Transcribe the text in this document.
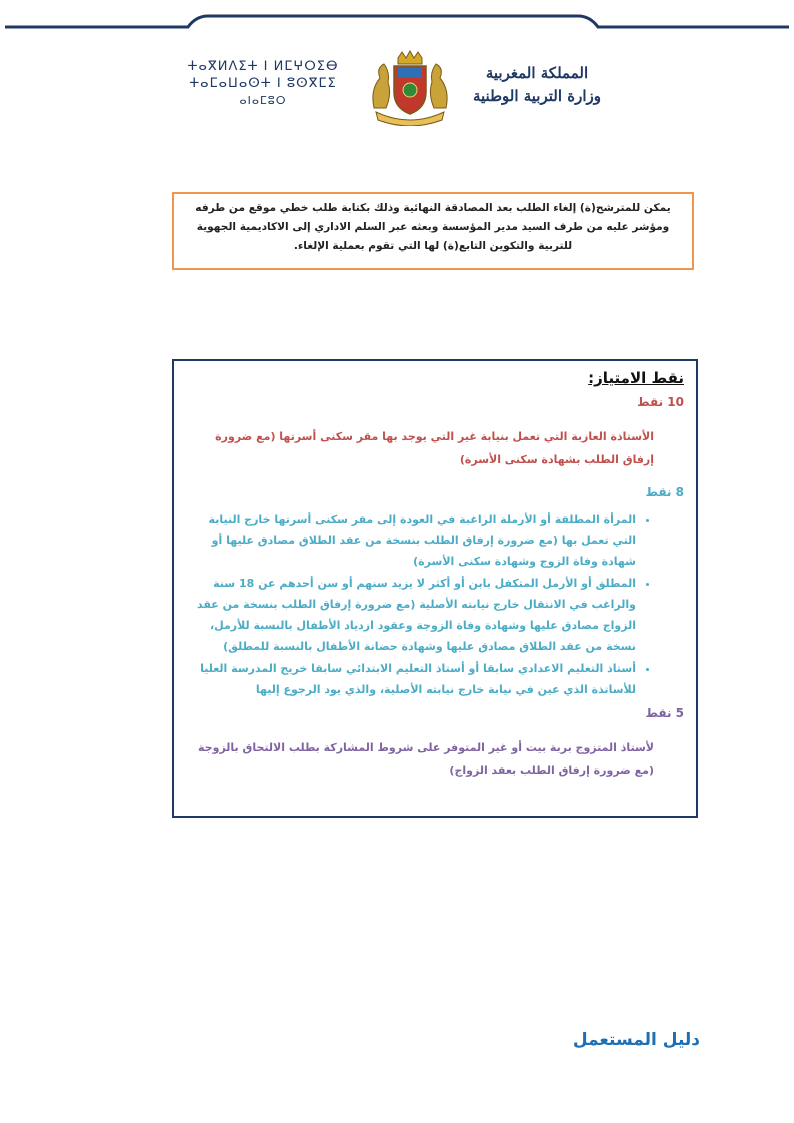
ⵜⴰⴳⵍⴷⵉⵜ ⵏ ⵍⵎⵖⵔⵉⴱ
ⵜⴰⵎⴰⵡⴰⵙⵜ ⵏ ⵓⵙⴳⵎⵉ
ⴰⵏⴰⵎⵓⵔ
المملكة المغربية
وزارة التربية الوطنية
يمكن للمترشح(ة) إلغاء الطلب بعد المصادقة النهائية وذلك بكتابة طلب خطي موقع من طرفه ومؤشر عليه من طرف السيد مدير المؤسسة وبعثه عبر السلم الاداري إلى الاكاديمية الجهوية للتربية والتكوين التابع(ة) لها التي تقوم بعملية الإلغاء.
نقط الامتياز:
10 نقط
الأستاذة العازبة التي تعمل بنيابة غير التي يوجد بها مقر سكنى أسرتها (مع ضرورة إرفاق الطلب بشهادة سكنى الأسرة)
8 نقط
• المرأة المطلقة أو الأرملة الراغبة في العودة إلى مقر سكنى أسرتها خارج النيابة التي تعمل بها (مع ضرورة إرفاق الطلب بنسخة من عقد الطلاق مصادق عليها أو شهادة وفاة الزوج وشهادة سكنى الأسرة)
• المطلق أو الأرمل المتكفل بابن أو أكثر لا يزيد سنهم أو سن أحدهم عن 18 سنة والراغب في الانتقال خارج نيابته الأصلية (مع ضرورة إرفاق الطلب بنسخة من عقد الزواج مصادق عليها وشهادة وفاة الزوجة وعقود ازدياد الأطفال بالنسبة للأرمل، نسخة من عقد الطلاق مصادق عليها وشهادة حضانة الأطفال بالنسبة للمطلق)
• أستاذ التعليم الاعدادي سابقا أو أستاذ التعليم الابتدائي سابقا خريج المدرسة العليا للأساتذة الذي عين في نيابة خارج نيابته الأصلية، والذي يود الرجوع إليها
5 نقط
لأستاذ المتزوج بربة بيت أو غير المتوفر على شروط المشاركة بطلب الالتحاق بالزوجة (مع ضرورة إرفاق الطلب بعقد الزواج)
دليل المستعمل
